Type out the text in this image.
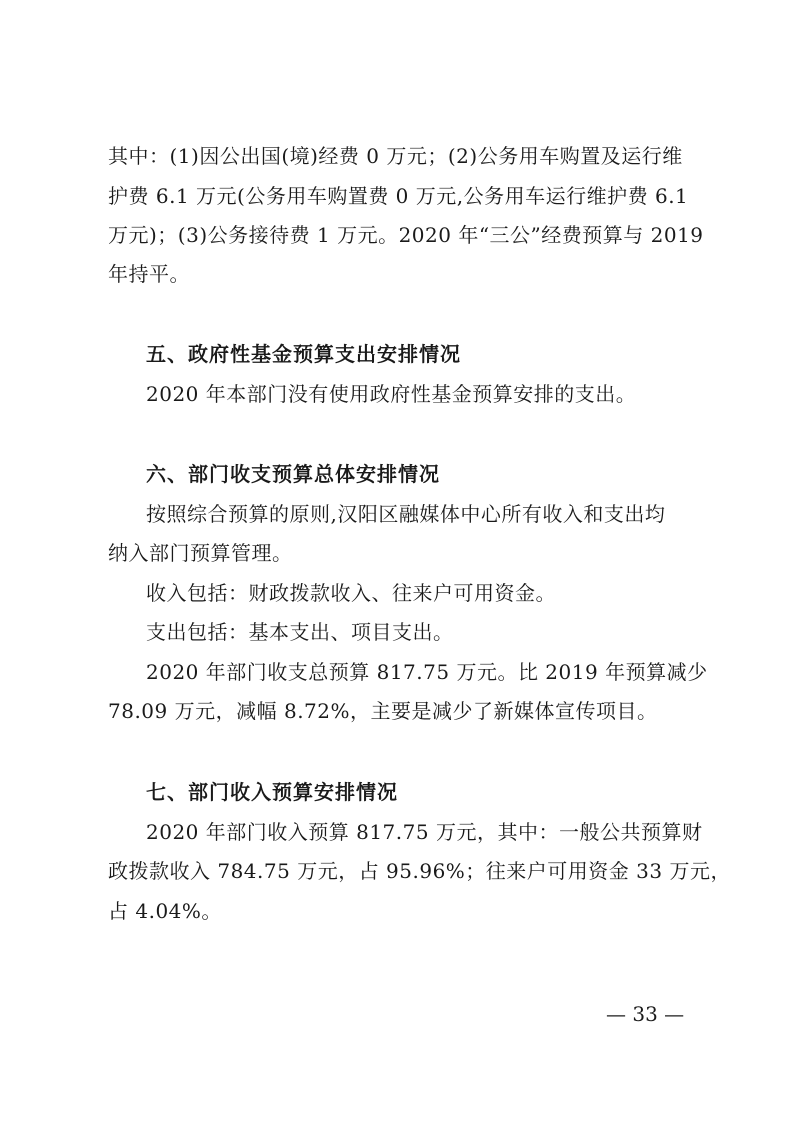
其中：(1)因公出国(境)经费 0 万元；(2)公务用车购置及运行维
护费 6.1 万元(公务用车购置费 0 万元,公务用车运行维护费 6.1
万元)；(3)公务接待费 1 万元。2020 年“三公”经费预算与 2019
年持平。
五、政府性基金预算支出安排情况
2020 年本部门没有使用政府性基金预算安排的支出。
六、部门收支预算总体安排情况
按照综合预算的原则,汉阳区融媒体中心所有收入和支出均
纳入部门预算管理。
收入包括：财政拨款收入、往来户可用资金。
支出包括：基本支出、项目支出。
2020 年部门收支总预算 817.75 万元。比 2019 年预算减少
78.09 万元，减幅 8.72%，主要是减少了新媒体宣传项目。
七、部门收入预算安排情况
2020 年部门收入预算 817.75 万元，其中：一般公共预算财
政拨款收入 784.75 万元，占 95.96%；往来户可用资金 33 万元，
占 4.04%。
— 33 —
